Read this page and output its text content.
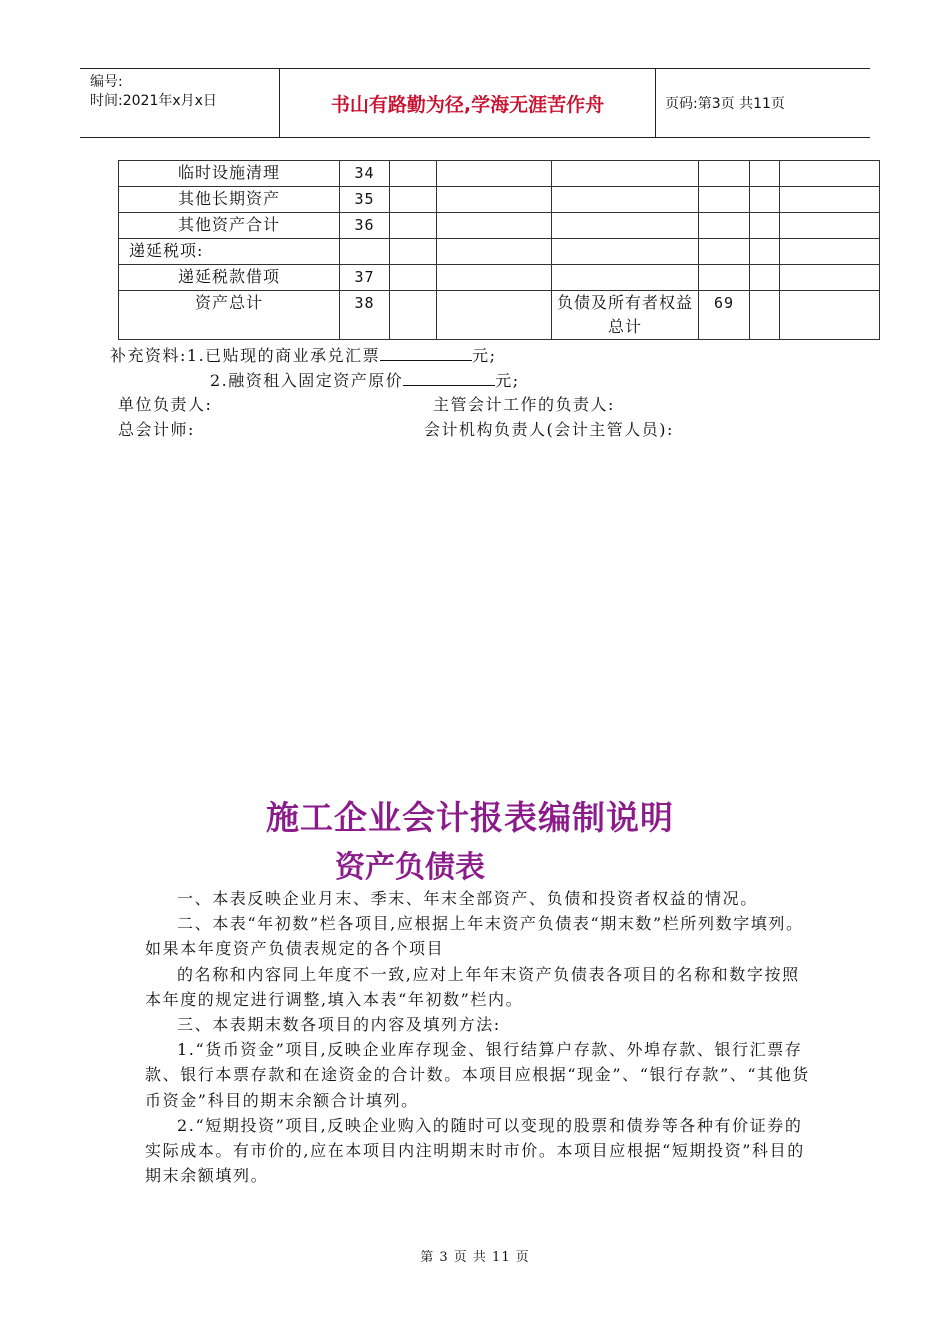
编号:
时间:2021年x月x日	书山有路勤为径,学海无涯苦作舟	页码:第3页 共11页
临时设施清理	34						
其他长期资产	35						
其他资产合计	36						
递延税项:							
递延税款借项	37						
资产总计	38			负债及所有者权益总计	69		
补充资料:1.已贴现的商业承兑汇票	元;
2.融资租入固定资产原价	元;
单位负责人:	主管会计工作的负责人:
总会计师:	会计机构负责人(会计主管人员):
施工企业会计报表编制说明
资产负债表

一、本表反映企业月末、季末、年末全部资产、负债和投资者权益的情况。

二、本表“年初数”栏各项目,应根据上年末资产负债表“期末数”栏所列数字填列。如果本年度资产负债表规定的各个项目

的名称和内容同上年度不一致,应对上年年末资产负债表各项目的名称和数字按照本年度的规定进行调整,填入本表“年初数”栏内。

三、本表期末数各项目的内容及填列方法:

1.“货币资金”项目,反映企业库存现金、银行结算户存款、外埠存款、银行汇票存款、银行本票存款和在途资金的合计数。本项目应根据“现金”、“银行存款”、“其他货币资金”科目的期末余额合计填列。

2.“短期投资”项目,反映企业购入的随时可以变现的股票和债券等各种有价证券的实际成本。有市价的,应在本项目内注明期末时市价。本项目应根据“短期投资”科目的期末余额填列。

第 3 页 共 11 页
